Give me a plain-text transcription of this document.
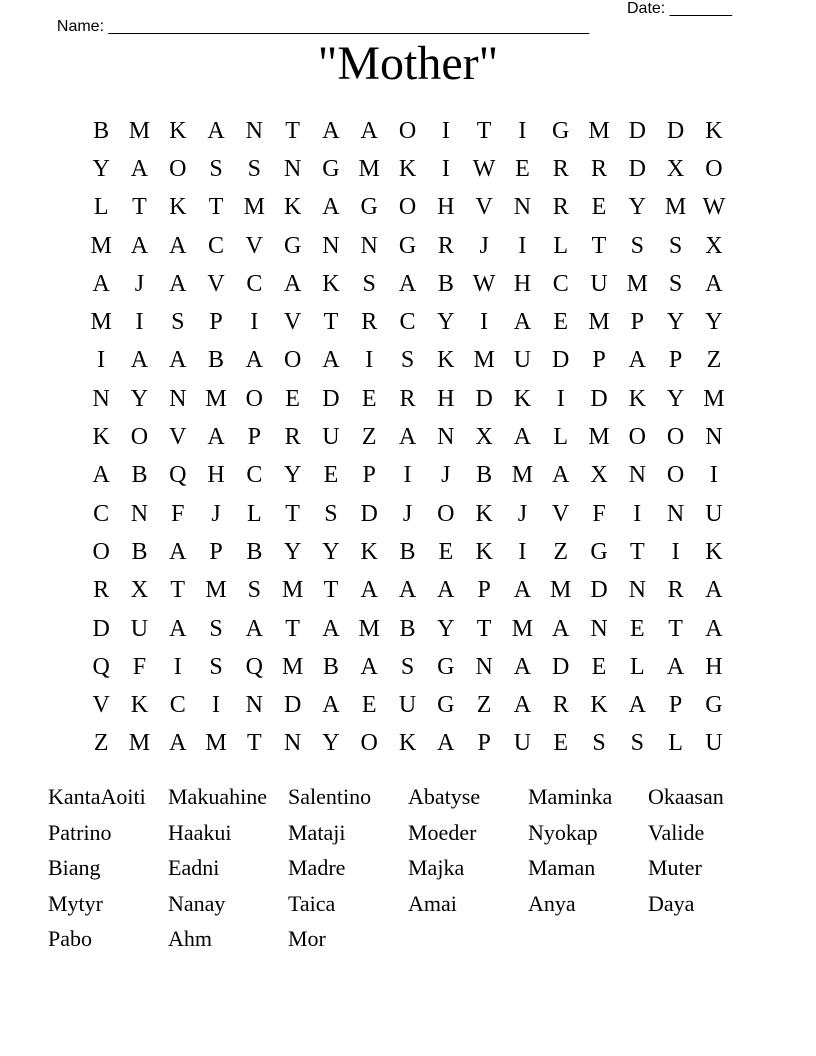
Name: ______________________________________________________

Date: _______

"Mother"
B M K A N T A A O	I	T	I	G M D D K
Y A O S	S N G M K	I W E R R D X O
L T K T M K A G O H V N R E Y M W
M A A C V G N N G R	J	I	L T	S	S X
A	J	A V C A K S A B W H C U M S A
M I	S	P	I	V T R C Y	I	A E M P Y Y
I	A A B A O A	I	S K M U D P A P	Z
N Y N M O E D E R H D K	I	D K Y M
K O V A P R U Z A N X A L M O O N
A B Q H C Y E	P	I	J	B M A X N O	I
C N F	J	L T	S D	J	O K	J	V F	I	N U
O B A P B Y Y K B E K	I	Z G T	I	K
R X T M S M T A A A P A M D N R A
D U A S A T A M B Y T M A N E T A
Q F	I	S Q M B A S G N A D E L A H
V K C	I	N D A E U G Z A R K A P G
Z M A M T N Y O K A P U E	S	S	L U
KantaAoiti	Makuahine Salentino	Abatyse	Maminka	Okaasan
Patrino	Haakui	Mataji	Moeder	Nyokap	Valide
Biang	Eadni	Madre	Majka	Maman	Muter
Mytyr	Nanay	Taica	Amai	Anya	Daya
Pabo	Ahm	Mor
